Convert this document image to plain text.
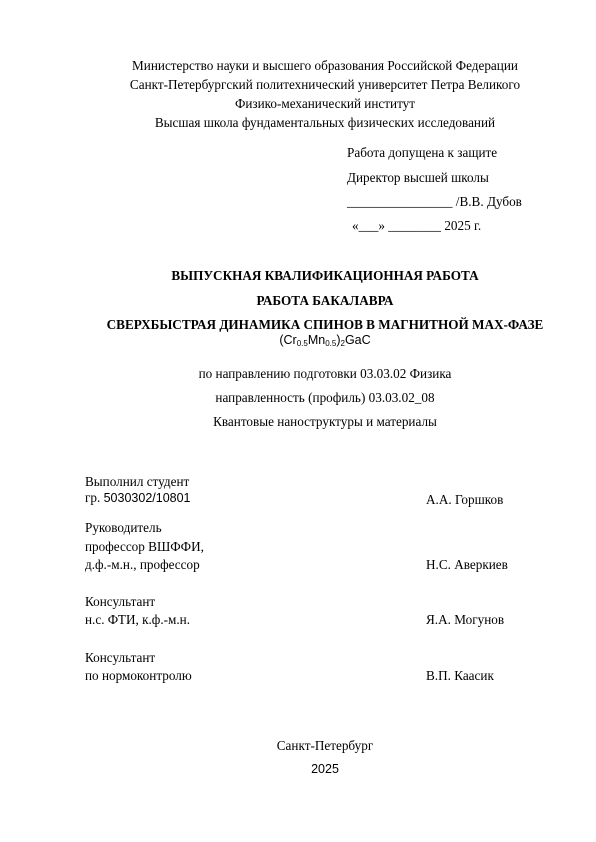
Министерство науки и высшего образования Российской Федерации
Санкт-Петербургский политехнический университет Петра Великого
Физико-механический институт
Высшая школа фундаментальных физических исследований
Работа допущена к защите
Директор высшей школы
________________ /В.В. Дубов
«___» ________ 2025 г.
ВЫПУСКНАЯ КВАЛИФИКАЦИОННАЯ РАБОТА
РАБОТА БАКАЛАВРА
СВЕРХБЫСТРАЯ ДИНАМИКА СПИНОВ В МАГНИТНОЙ MAX-ФАЗЕ
$(Cr_{0.5}Mn_{0.5})_2GaC$
по направлению подготовки 03.03.02 Физика
направленность (профиль) 03.03.02_08
Квантовые наноструктуры и материалы
Выполнил студент
гр. 5030302/10801	А.А. Горшков
Руководитель
профессор ВШФФИ,
д.ф.-м.н., профессор	Н.С. Аверкиев
Консультант
н.с. ФТИ, к.ф.-м.н.	Я.А. Могунов
Консультант
по нормоконтролю	В.П. Каасик
Санкт-Петербург
2025
